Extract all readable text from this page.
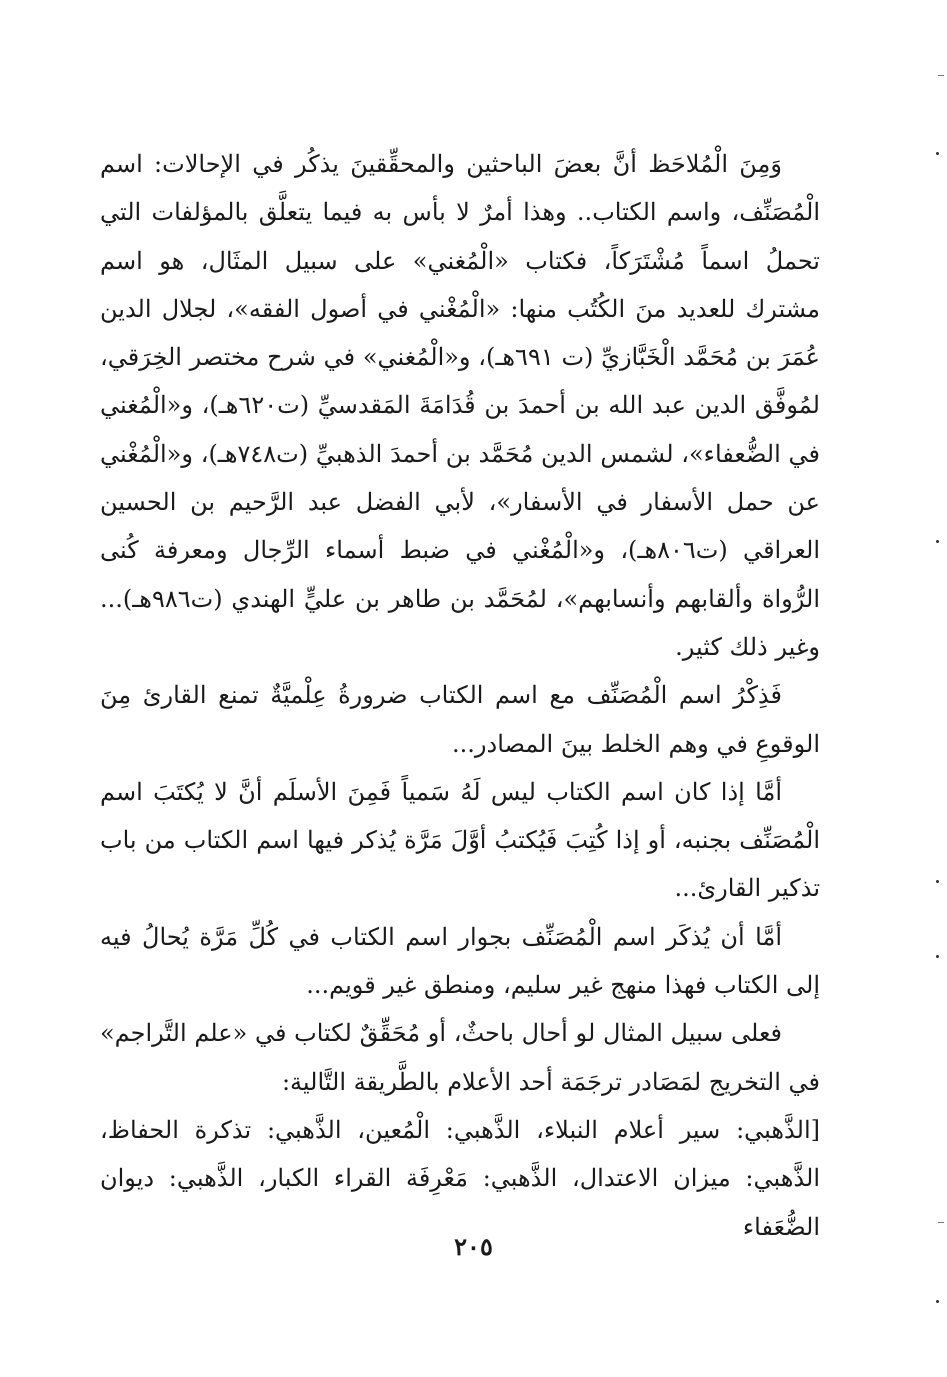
وَمِنَ الْمُلاحَظ أنَّ بعضَ الباحثين والمحقِّقينَ يذكُر في الإحالات: اسم الْمُصَنِّف، واسم الكتاب.. وهذا أمرٌ لا بأس به فيما يتعلَّق بالمؤلفات التي تحملُ اسماً مُشْتَرَكاً، فكتاب «الْمُغني» على سبيل المثَال، هو اسم مشترك للعديد منَ الكُتُب منها: «الْمُغْني في أصول الفقه»، لجلال الدين عُمَرَ بن مُحَمَّد الْخَبَّازيِّ (ت ٦٩١هـ)، و«الْمُغني» في شرح مختصر الخِرَقي، لمُوفَّق الدين عبد الله بن أحمدَ بن قُدَامَةَ المَقدسيِّ (ت٦٢٠هـ)، و«الْمُغني في الضُّعفاء»، لشمس الدين مُحَمَّد بن أحمدَ الذهبيِّ (ت٧٤٨هـ)، و«الْمُغْني عن حمل الأسفار في الأسفار»، لأبي الفضل عبد الرَّحيم بن الحسين العراقي (ت٨٠٦هـ)، و«الْمُغْني في ضبط أسماء الرِّجال ومعرفة كُنى الرُّواة وألقابهم وأنسابهم»، لمُحَمَّد بن طاهر بن عليٍّ الهندي (ت٩٨٦هـ)... وغير ذلك كثير.

فَذِكْرُ اسم الْمُصَنِّف مع اسم الكتاب ضرورةُ عِلْميَّةٌ تمنع القارئ مِنَ الوقوعِ في وهم الخلط بينَ المصادر...

أمَّا إذا كان اسم الكتاب ليس لَهُ سَمياً فَمِنَ الأسلَم أنَّ لا يُكتَبَ اسم الْمُصَنِّف بجنبه، أو إذا كُتِبَ فَيُكتبُ أوَّلَ مَرَّة يُذكر فيها اسم الكتاب من باب تذكير القارئ...

أمَّا أن يُذكَر اسم الْمُصَنِّف بجوار اسم الكتاب في كُلِّ مَرَّة يُحالُ فيه إلى الكتاب فهذا منهج غير سليم، ومنطق غير قويم...

فعلى سبيل المثال لو أحال باحثٌ، أو مُحَقِّقٌ لكتاب في «علم التَّراجم» في التخريج لمَصَادر ترجَمَة أحد الأعلام بالطَّريقة التَّالية:

[الذَّهبي: سير أعلام النبلاء، الذَّهبي: الْمُعين، الذَّهبي: تذكرة الحفاظ، الذَّهبي: ميزان الاعتدال، الذَّهبي: مَعْرِفَة القراء الكبار، الذَّهبي: ديوان الضُّعَفاء

٢٠٥
